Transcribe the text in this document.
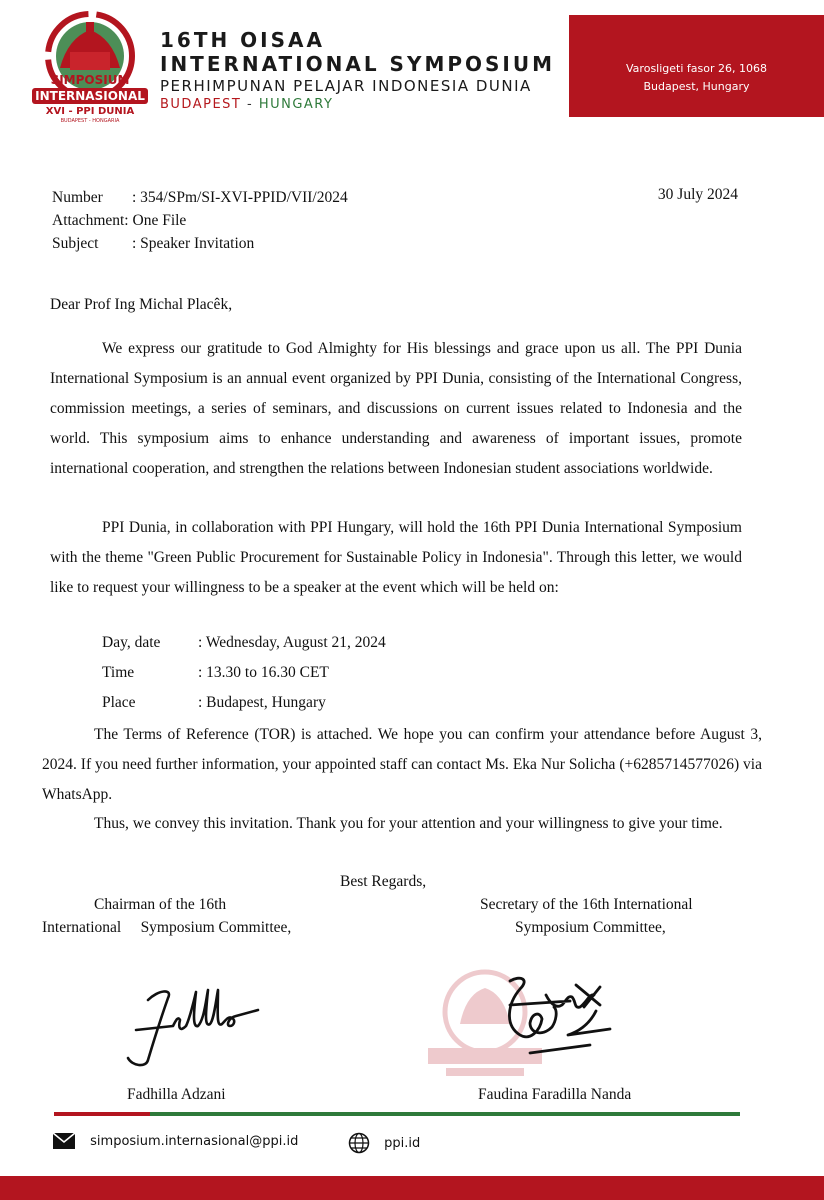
SIMPOSIUM
INTERNASIONAL
XVI - PPI DUNIA
BUDAPEST - HONGARIA
16TH OISAA
INTERNATIONAL SYMPOSIUM
PERHIMPUNAN PELAJAR INDONESIA DUNIA
BUDAPEST - HUNGARY
Varosligeti fasor 26, 1068
Budapest, Hungary
Number : 354/SPm/SI-XVI-PPID/VII/2024
Attachment: One File
Subject : Speaker Invitation
30 July 2024
Dear Prof Ing Michal Placêk,
We express our gratitude to God Almighty for His blessings and grace upon us all. The PPI Dunia International Symposium is an annual event organized by PPI Dunia, consisting of the International Congress, commission meetings, a series of seminars, and discussions on current issues related to Indonesia and the world. This symposium aims to enhance understanding and awareness of important issues, promote international cooperation, and strengthen the relations between Indonesian student associations worldwide.
PPI Dunia, in collaboration with PPI Hungary, will hold the 16th PPI Dunia International Symposium with the theme "Green Public Procurement for Sustainable Policy in Indonesia". Through this letter, we would like to request your willingness to be a speaker at the event which will be held on:
Day, date : Wednesday, August 21, 2024
Time	: 13.30 to 16.30 CET
Place	: Budapest, Hungary
The Terms of Reference (TOR) is attached. We hope you can confirm your attendance before August 3, 2024. If you need further information, your appointed staff can contact Ms. Eka Nur Solicha (+6285714577026) via WhatsApp.
Thus, we convey this invitation. Thank you for your attention and your willingness to give your time.
Best Regards,
Chairman of the 16th
International     Symposium Committee,
Secretary of the 16th International
Symposium Committee,
Fadhilla Adzani	Faudina Faradilla Nanda
simposium.internasional@ppi.id	ppi.id
